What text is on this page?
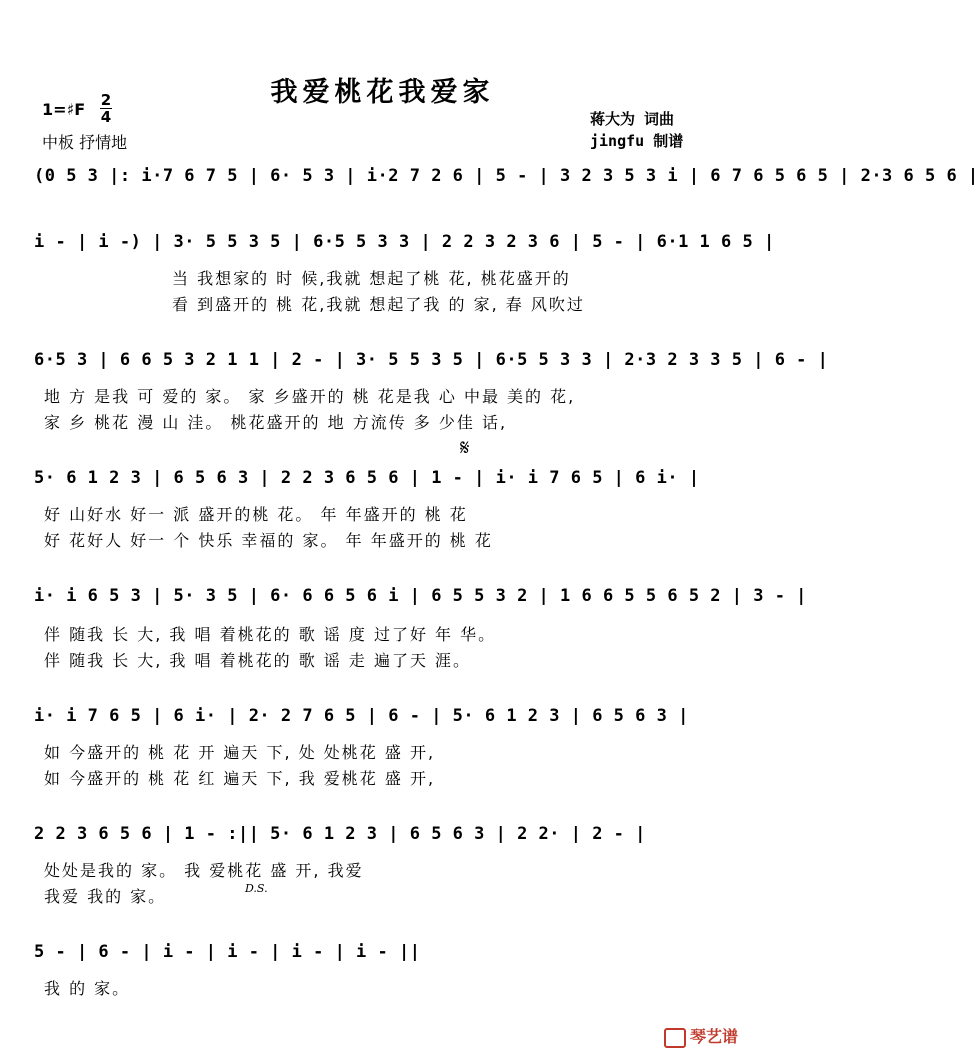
我爱桃花我爱家
1=♯F 2
4
中板 抒情地
蒋大为 词曲
jingfu 制谱
(0 5 3 |: i·7 6 7 5 | 6· 5 3 | i·2 7 2 6 | 5 - | 3 2 3 5 3 i | 6 7 6 5 6 5 | 2·3 6 5 6 |
i - | i -) | 3· 5 5 3 5 | 6·5 5 3 3 | 2 2 3 2 3 6 | 5 - | 6·1 1 6 5 |
当 我想家的 时 候,我就 想起了桃 花, 桃花盛开的
看 到盛开的 桃 花,我就 想起了我 的 家, 春 风吹过
6·5 3 | 6 6 5 3 2 1 1 | 2 - | 3· 5 5 3 5 | 6·5 5 3 3 | 2·3 2 3 3 5 | 6 - |
地 方 是我 可 爱的 家。 家 乡盛开的 桃 花是我 心 中最 美的 花,
家 乡 桃花 漫 山 洼。 桃花盛开的 地 方流传 多 少佳 话,
𝄋
5· 6 1 2 3 | 6 5 6 3 | 2 2 3 6 5 6 | 1 - | i· i 7 6 5 | 6 i· |
好 山好水 好一 派 盛开的桃 花。 年 年盛开的 桃 花
好 花好人 好一 个 快乐 幸福的 家。 年 年盛开的 桃 花
i· i 6 5 3 | 5· 3 5 | 6· 6 6 5 6 i | 6 5 5 3 2 | 1 6 6 5 5 6 5 2 | 3 - |
伴 随我 长 大, 我 唱 着桃花的 歌 谣 度 过了好 年 华。
伴 随我 长 大, 我 唱 着桃花的 歌 谣 走 遍了天 涯。
i· i 7 6 5 | 6 i· | 2· 2 7 6 5 | 6 - | 5· 6 1 2 3 | 6 5 6 3 |
如 今盛开的 桃 花 开 遍天 下, 处 处桃花 盛 开,
如 今盛开的 桃 花 红 遍天 下, 我 爱桃花 盛 开,
2 2 3 6 5 6 | 1 - :|| 5· 6 1 2 3 | 6 5 6 3 | 2 2· | 2 - |
处处是我的 家。 我 爱桃花 盛 开, 我爱
我爱 我的 家。	D.S.
5 - | 6 - | i - | i - | i - | i - ||
我 的 家。
琴艺谱
